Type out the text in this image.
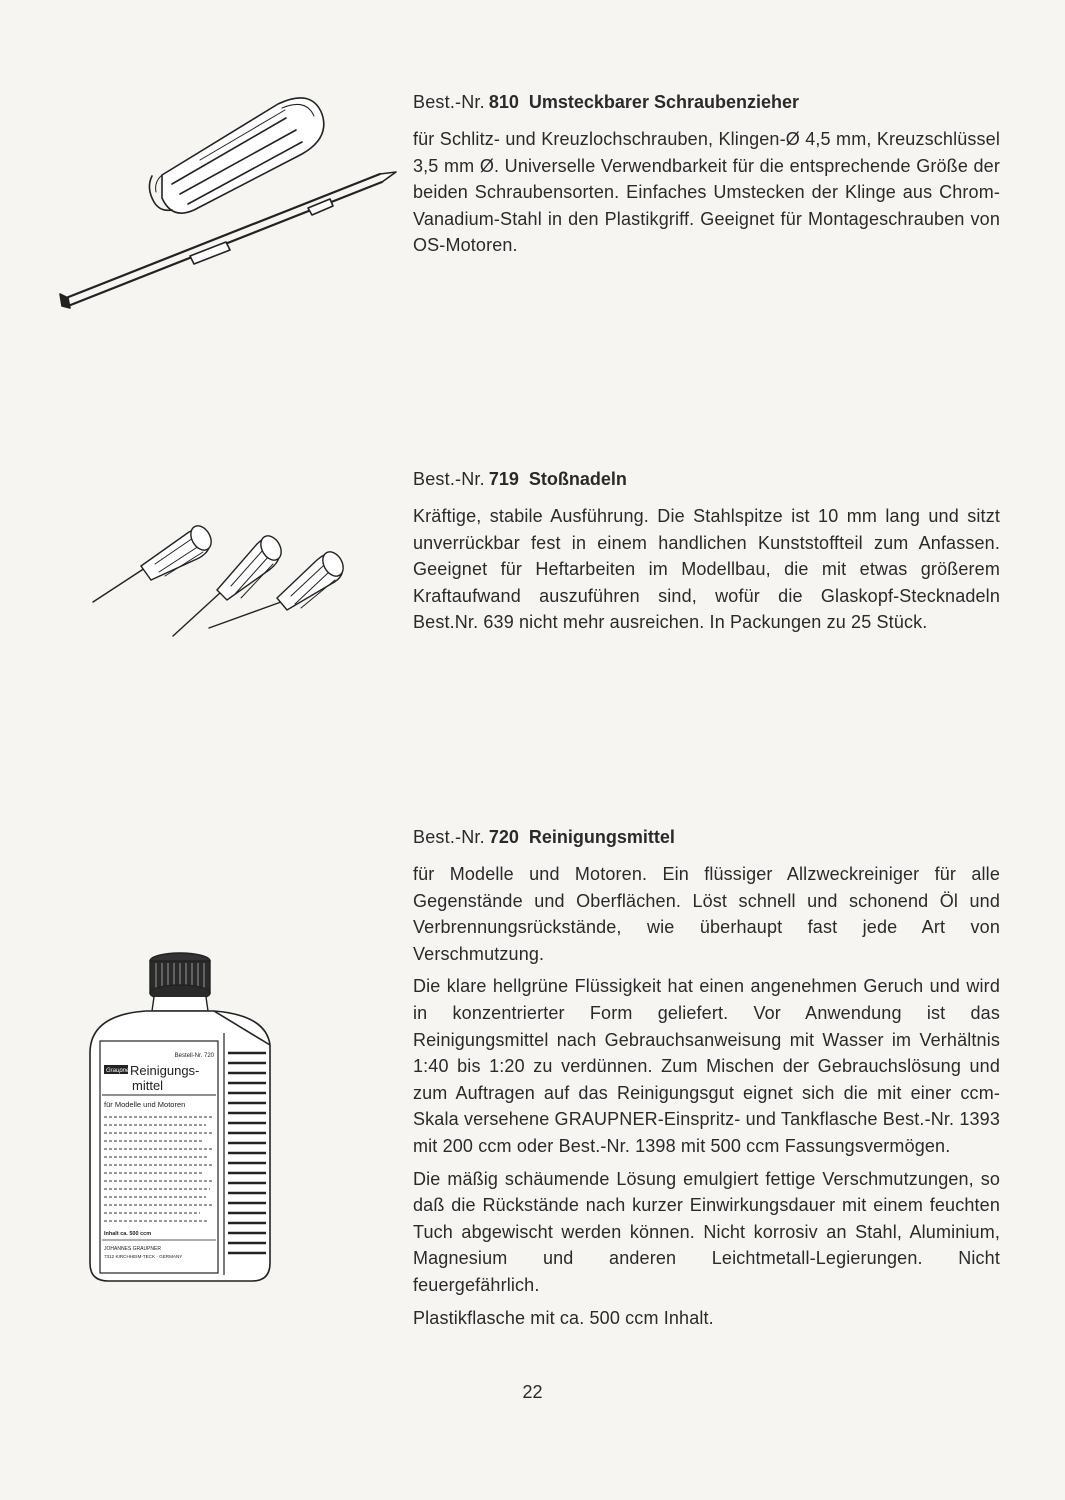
Bestell-Nr. 720
Graupner
Reinigungs-
mittel
für Modelle und Motoren
Inhalt ca. 500 ccm
JOHANNES GRAUPNER
7312 KIRCHHEIM-TECK · GERMANY
Best.-Nr. 810 Umsteckbarer Schraubenzieher

für Schlitz- und Kreuzlochschrauben, Klingen-Ø 4,5 mm, Kreuzschlüssel 3,5 mm Ø. Universelle Verwendbarkeit für die entsprechende Größe der beiden Schraubensorten. Einfaches Umstecken der Klinge aus Chrom-Vanadium-Stahl in den Plastikgriff. Geeignet für Montageschrauben von OS-Motoren.

Best.-Nr. 719 Stoßnadeln

Kräftige, stabile Ausführung. Die Stahlspitze ist 10 mm lang und sitzt unverrückbar fest in einem handlichen Kunststoffteil zum Anfassen. Geeignet für Heftarbeiten im Modellbau, die mit etwas größerem Kraftaufwand auszuführen sind, wofür die Glaskopf-Stecknadeln Best.Nr. 639 nicht mehr ausreichen. In Packungen zu 25 Stück.

Best.-Nr. 720 Reinigungsmittel

für Modelle und Motoren. Ein flüssiger Allzweckreiniger für alle Gegenstände und Oberflächen. Löst schnell und schonend Öl und Verbrennungsrückstände, wie überhaupt fast jede Art von Verschmutzung.

Die klare hellgrüne Flüssigkeit hat einen angenehmen Geruch und wird in konzentrierter Form geliefert. Vor Anwendung ist das Reinigungsmittel nach Gebrauchsanweisung mit Wasser im Verhältnis 1:40 bis 1:20 zu verdünnen. Zum Mischen der Gebrauchslösung und zum Auftragen auf das Reinigungsgut eignet sich die mit einer ccm-Skala versehene GRAUPNER-Einspritz- und Tankflasche Best.-Nr. 1393 mit 200 ccm oder Best.-Nr. 1398 mit 500 ccm Fassungsvermögen.

Die mäßig schäumende Lösung emulgiert fettige Verschmutzungen, so daß die Rückstände nach kurzer Einwirkungsdauer mit einem feuchten Tuch abgewischt werden können. Nicht korrosiv an Stahl, Aluminium, Magnesium und anderen Leichtmetall-Legierungen. Nicht feuergefährlich.

Plastikflasche mit ca. 500 ccm Inhalt.

22
